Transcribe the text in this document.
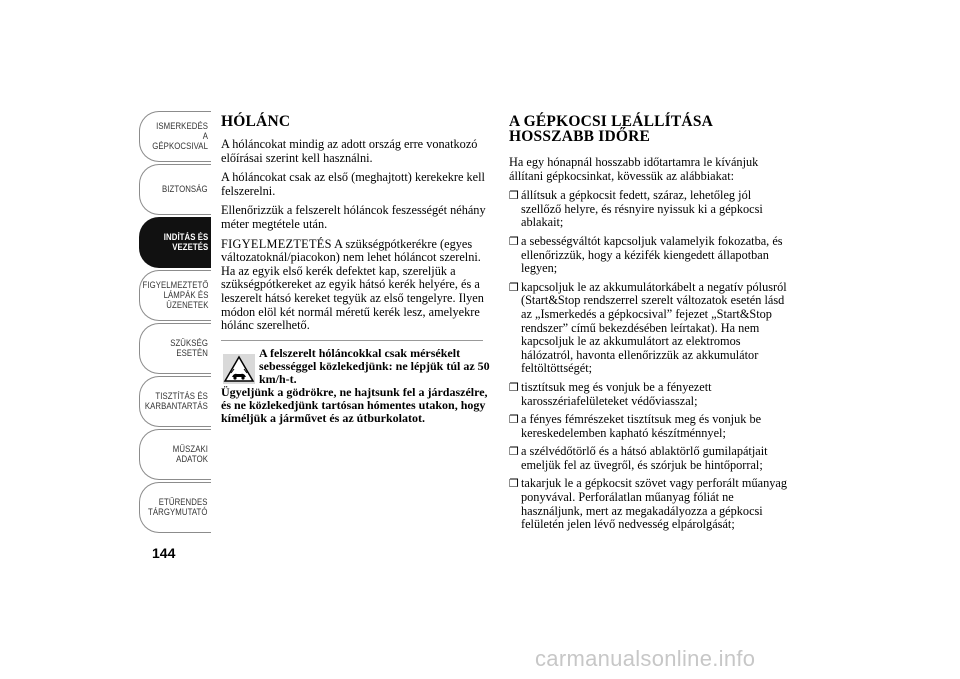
ISMERKEDÉS A
GÉPKOCSIVAL
BIZTONSÁG
INDÍTÁS ÉS
VEZETÉS
FIGYELMEZTETŐ
LÁMPÁK ÉS
ÜZENETEK
SZÜKSÉG ESETÉN
TISZTÍTÁS ÉS
KARBANTARTÁS
MŰSZAKI ADATOK
ETŰRENDES
TÁRGYMUTATÓ
144
HÓLÁNC

A hóláncokat mindig az adott ország erre vonatkozó előírásai szerint kell használni.

A hóláncokat csak az első (meghajtott) kerekekre kell felszerelni.

Ellenőrizzük a felszerelt hóláncok feszességét néhány méter megtétele után.

FIGYELMEZTETÉS A szükségpótkerékre (egyes változatoknál/piacokon) nem lehet hóláncot szerelni. Ha az egyik első kerék defektet kap, szereljük a szükségpótkereket az egyik hátsó kerék helyére, és a leszerelt hátsó kereket tegyük az első tengelyre. Ilyen módon elöl két normál méretű kerék lesz, amelyekre hólánc szerelhető.

A felszerelt hóláncokkal csak mérsékelt sebességgel közlekedjünk: ne lépjük túl az 50 km/h-t.
Ügyeljünk a gödrökre, ne hajtsunk fel a járdaszélre, és ne közlekedjünk tartósan hómentes utakon, hogy kíméljük a járművet és az útburkolatot.
A GÉPKOCSI LEÁLLÍTÁSA
HOSSZABB IDŐRE

Ha egy hónapnál hosszabb időtartamra le kívánjuk állítani gépkocsinkat, kövessük az alábbiakat:

❐ állítsuk a gépkocsit fedett, száraz, lehetőleg jól szellőző helyre, és résnyire nyissuk ki a gépkocsi ablakait;
❐ a sebességváltót kapcsoljuk valamelyik fokozatba, és ellenőrizzük, hogy a kézifék kiengedett állapotban legyen;
❐ kapcsoljuk le az akkumulátorkábelt a negatív pólusról (Start&Stop rendszerrel szerelt változatok esetén lásd az „Ismerkedés a gépkocsival” fejezet „Start&Stop rendszer” című bekezdésében leírtakat). Ha nem kapcsoljuk le az akkumulátort az elektromos hálózatról, havonta ellenőrizzük az akkumulátor feltöltöttségét;
❐ tisztítsuk meg és vonjuk be a fényezett karosszériafelületeket védőviasszal;
❐ a fényes fémrészeket tisztítsuk meg és vonjuk be kereskedelemben kapható készítménnyel;
❐ a szélvédőtörlő és a hátsó ablaktörlő gumilapátjait emeljük fel az üvegről, és szórjuk be hintőporral;
❐ takarjuk le a gépkocsit szövet vagy perforált műanyag ponyvával. Perforálatlan műanyag fóliát ne használjunk, mert az megakadályozza a gépkocsi felületén jelen lévő nedvesség elpárolgását;
carmanualsonline.info
